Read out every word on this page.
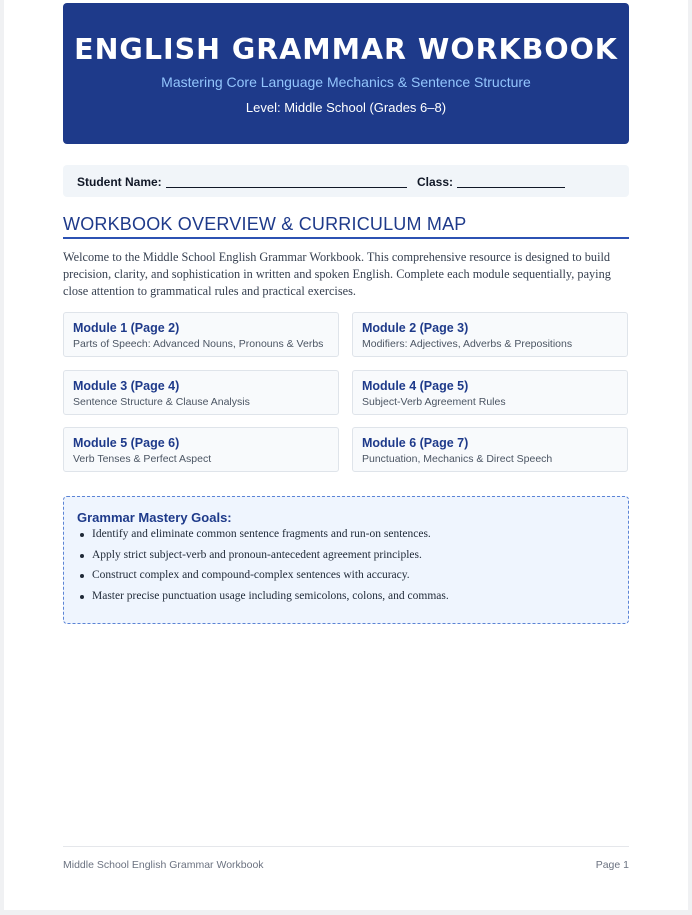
ENGLISH GRAMMAR WORKBOOK
Mastering Core Language Mechanics & Sentence Structure
Level: Middle School (Grades 6–8)
Student Name:	Class:
WORKBOOK OVERVIEW & CURRICULUM MAP
Welcome to the Middle School English Grammar Workbook. This comprehensive resource is designed to build precision, clarity, and sophistication in written and spoken English. Complete each module sequentially, paying close attention to grammatical rules and practical exercises.
Module 1 (Page 2)
Parts of Speech: Advanced Nouns, Pronouns & Verbs
Module 2 (Page 3)
Modifiers: Adjectives, Adverbs & Prepositions
Module 3 (Page 4)
Sentence Structure & Clause Analysis
Module 4 (Page 5)
Subject-Verb Agreement Rules
Module 5 (Page 6)
Verb Tenses & Perfect Aspect
Module 6 (Page 7)
Punctuation, Mechanics & Direct Speech
Grammar Mastery Goals:
Identify and eliminate common sentence fragments and run-on sentences.
Apply strict subject-verb and pronoun-antecedent agreement principles.
Construct complex and compound-complex sentences with accuracy.
Master precise punctuation usage including semicolons, colons, and commas.
Middle School English Grammar Workbook	Page 1
